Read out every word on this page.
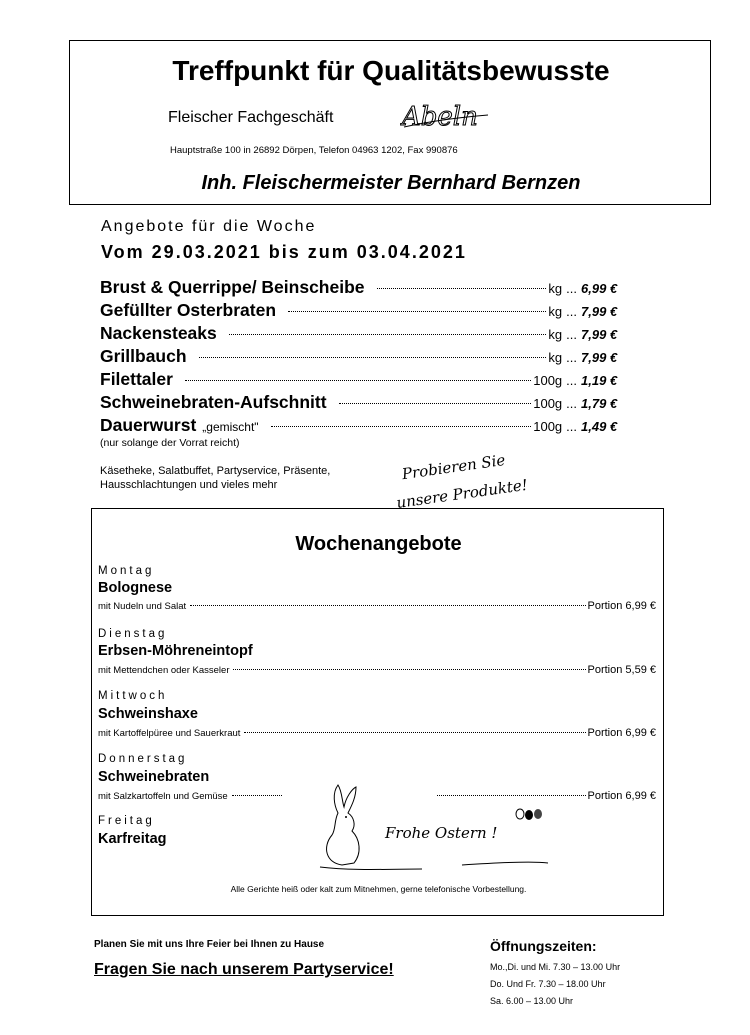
Treffpunkt für Qualitätsbewusste
Fleischer Fachgeschäft	Abeln
Hauptstraße 100 in 26892 Dörpen, Telefon 04963 1202, Fax 990876
Inh. Fleischermeister Bernhard Bernzen
Angebote für die Woche
Vom 29.03.2021 bis zum 03.04.2021
Brust & Querrippe/ Beinscheibe	kg ... 6,99 €
Gefüllter Osterbraten	kg ... 7,99 €
Nackensteaks	kg ... 7,99 €
Grillbauch	kg ... 7,99 €
Filettaler	100g ... 1,19 €
Schweinebraten-Aufschnitt	100g ... 1,79 €
Dauerwurst „gemischt"	100g ... 1,49 €
(nur solange der Vorrat reicht)
Käsetheke, Salatbuffet, Partyservice, Präsente,
Hausschlachtungen und vieles mehr
Probieren Sie
unsere Produkte!
Wochenangebote
Montag
Bolognese
mit Nudeln und Salat	Portion 6,99 €
Dienstag
Erbsen-Möhreneintopf
mit Mettendchen oder Kasseler	Portion 5,59 €
Mittwoch
Schweinshaxe
mit Kartoffelpüree und Sauerkraut	Portion 6,99 €
Donnerstag
Schweinebraten
mit Salzkartoffeln und Gemüse	Portion 6,99 €
Freitag
Karfreitag	Frohe Ostern !
Alle Gerichte heiß oder kalt zum Mitnehmen, gerne telefonische Vorbestellung.
Planen Sie mit uns Ihre Feier bei Ihnen zu Hause
Fragen Sie nach unserem Partyservice!
Öffnungszeiten:
Mo.,Di. und Mi. 7.30 – 13.00 Uhr
Do. Und Fr. 7.30 – 18.00 Uhr
Sa. 6.00 – 13.00 Uhr
